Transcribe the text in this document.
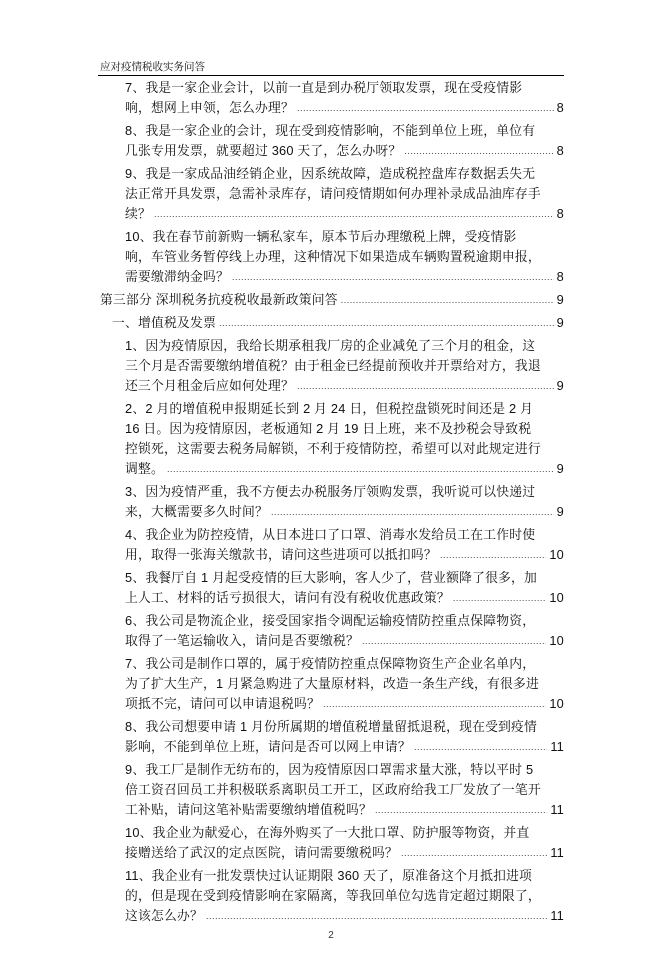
应对疫情税收实务问答
7、我是一家企业会计，以前一直是到办税厅领取发票，现在受疫情影响，想网上申领，怎么办理？ .....	8
8、我是一家企业的会计，现在受到疫情影响，不能到单位上班，单位有几张专用发票，就要超过 360 天了，怎么办呀？ .....	8
9、我是一家成品油经销企业，因系统故障，造成税控盘库存数据丢失无法正常开具发票，急需补录库存，请问疫情期如何办理补录成品油库存手续？ .....	8
10、我在春节前新购一辆私家车，原本节后办理缴税上牌，受疫情影响，车管业务暂停线上办理，这种情况下如果造成车辆购置税逾期申报，需要缴滞纳金吗？ .....	8
第三部分 深圳税务抗疫税收最新政策问答 .....	9
一、增值税及发票 .....	9
1、因为疫情原因，我给长期承租我厂房的企业减免了三个月的租金，这三个月是否需要缴纳增值税？由于租金已经提前预收并开票给对方，我退还三个月租金后应如何处理？ .....	9
2、2 月的增值税申报期延长到 2 月 24 日，但税控盘锁死时间还是 2 月 16 日。因为疫情原因，老板通知 2 月 19 日上班，来不及抄税会导致税控锁死，这需要去税务局解锁，不利于疫情防控，希望可以对此规定进行调整。 .....	9
3、因为疫情严重，我不方便去办税服务厅领购发票，我听说可以快递过来，大概需要多久时间？ .....	9
4、我企业为防控疫情，从日本进口了口罩、消毒水发给员工在工作时使用，取得一张海关缴款书，请问这些进项可以抵扣吗？ .....	10
5、我餐厅自 1 月起受疫情的巨大影响，客人少了，营业额降了很多，加上人工、材料的话亏损很大，请问有没有税收优惠政策？ .....	10
6、我公司是物流企业，接受国家指令调配运输疫情防控重点保障物资，取得了一笔运输收入，请问是否要缴税？ .....	10
7、我公司是制作口罩的，属于疫情防控重点保障物资生产企业名单内，为了扩大生产，1 月紧急购进了大量原材料，改造一条生产线，有很多进项抵不完，请问可以申请退税吗？ .....	10
8、我公司想要申请 1 月份所属期的增值税增量留抵退税，现在受到疫情影响，不能到单位上班，请问是否可以网上申请？ .....	11
9、我工厂是制作无纺布的，因为疫情原因口罩需求量大涨，特以平时 5 倍工资召回员工并积极联系离职员工开工，区政府给我工厂发放了一笔开工补贴，请问这笔补贴需要缴纳增值税吗？ .....	11
10、我企业为献爱心，在海外购买了一大批口罩、防护服等物资，并直接赠送给了武汉的定点医院，请问需要缴税吗？ .....	11
11、我企业有一批发票快过认证期限 360 天了，原准备这个月抵扣进项的，但是现在受到疫情影响在家隔离，等我回单位勾选肯定超过期限了，这该怎么办？ .....	11
2
